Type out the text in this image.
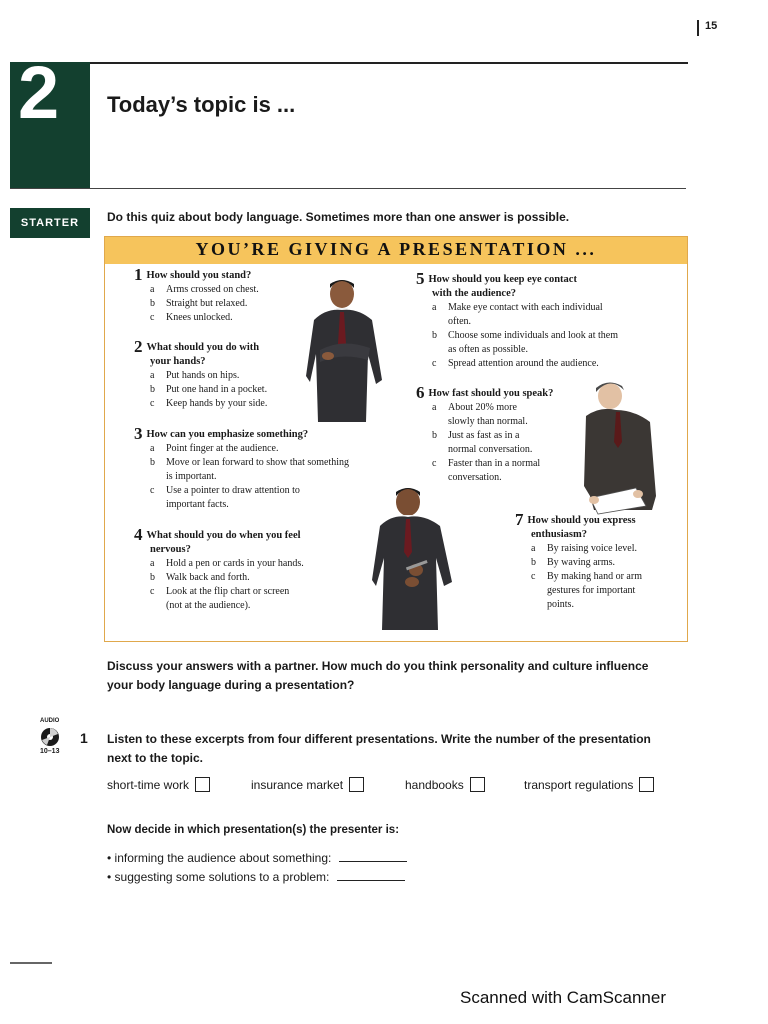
15
2	Today’s topic is ...
STARTER	Do this quiz about body language. Sometimes more than one answer is possible.
YOU’RE GIVING A PRESENTATION ...
1 How should you stand?
a	Arms crossed on chest.
b	Straight but relaxed.
c	Knees unlocked.
2 What should you do with
your hands?
a	Put hands on hips.
b	Put one hand in a pocket.
c	Keep hands by your side.
3 How can you emphasize something?
a	Point finger at the audience.
b	Move or lean forward to show that something
is important.
c	Use a pointer to draw attention to
important facts.
4 What should you do when you feel
nervous?
a	Hold a pen or cards in your hands.
b	Walk back and forth.
c	Look at the flip chart or screen
(not at the audience).
5 How should you keep eye contact
with the audience?
a	Make eye contact with each individual
often.
b	Choose some individuals and look at them
as often as possible.
c	Spread attention around the audience.
6 How fast should you speak?
a	About 20% more
slowly than normal.
b	Just as fast as in a
normal conversation.
c	Faster than in a normal
conversation.
7 How should you express
enthusiasm?
a	By raising voice level.
b	By waving arms.
c	By making hand or arm
gestures for important
points.
Discuss your answers with a partner. How much do you think personality and culture influence
your body language during a presentation?
AUDIO
10–13
1 Listen to these excerpts from four different presentations. Write the number of the presentation
next to the topic.
short-time work	insurance market	handbooks	transport regulations
Now decide in which presentation(s) the presenter is:
• informing the audience about something:
• suggesting some solutions to a problem:
Scanned with CamScanner
